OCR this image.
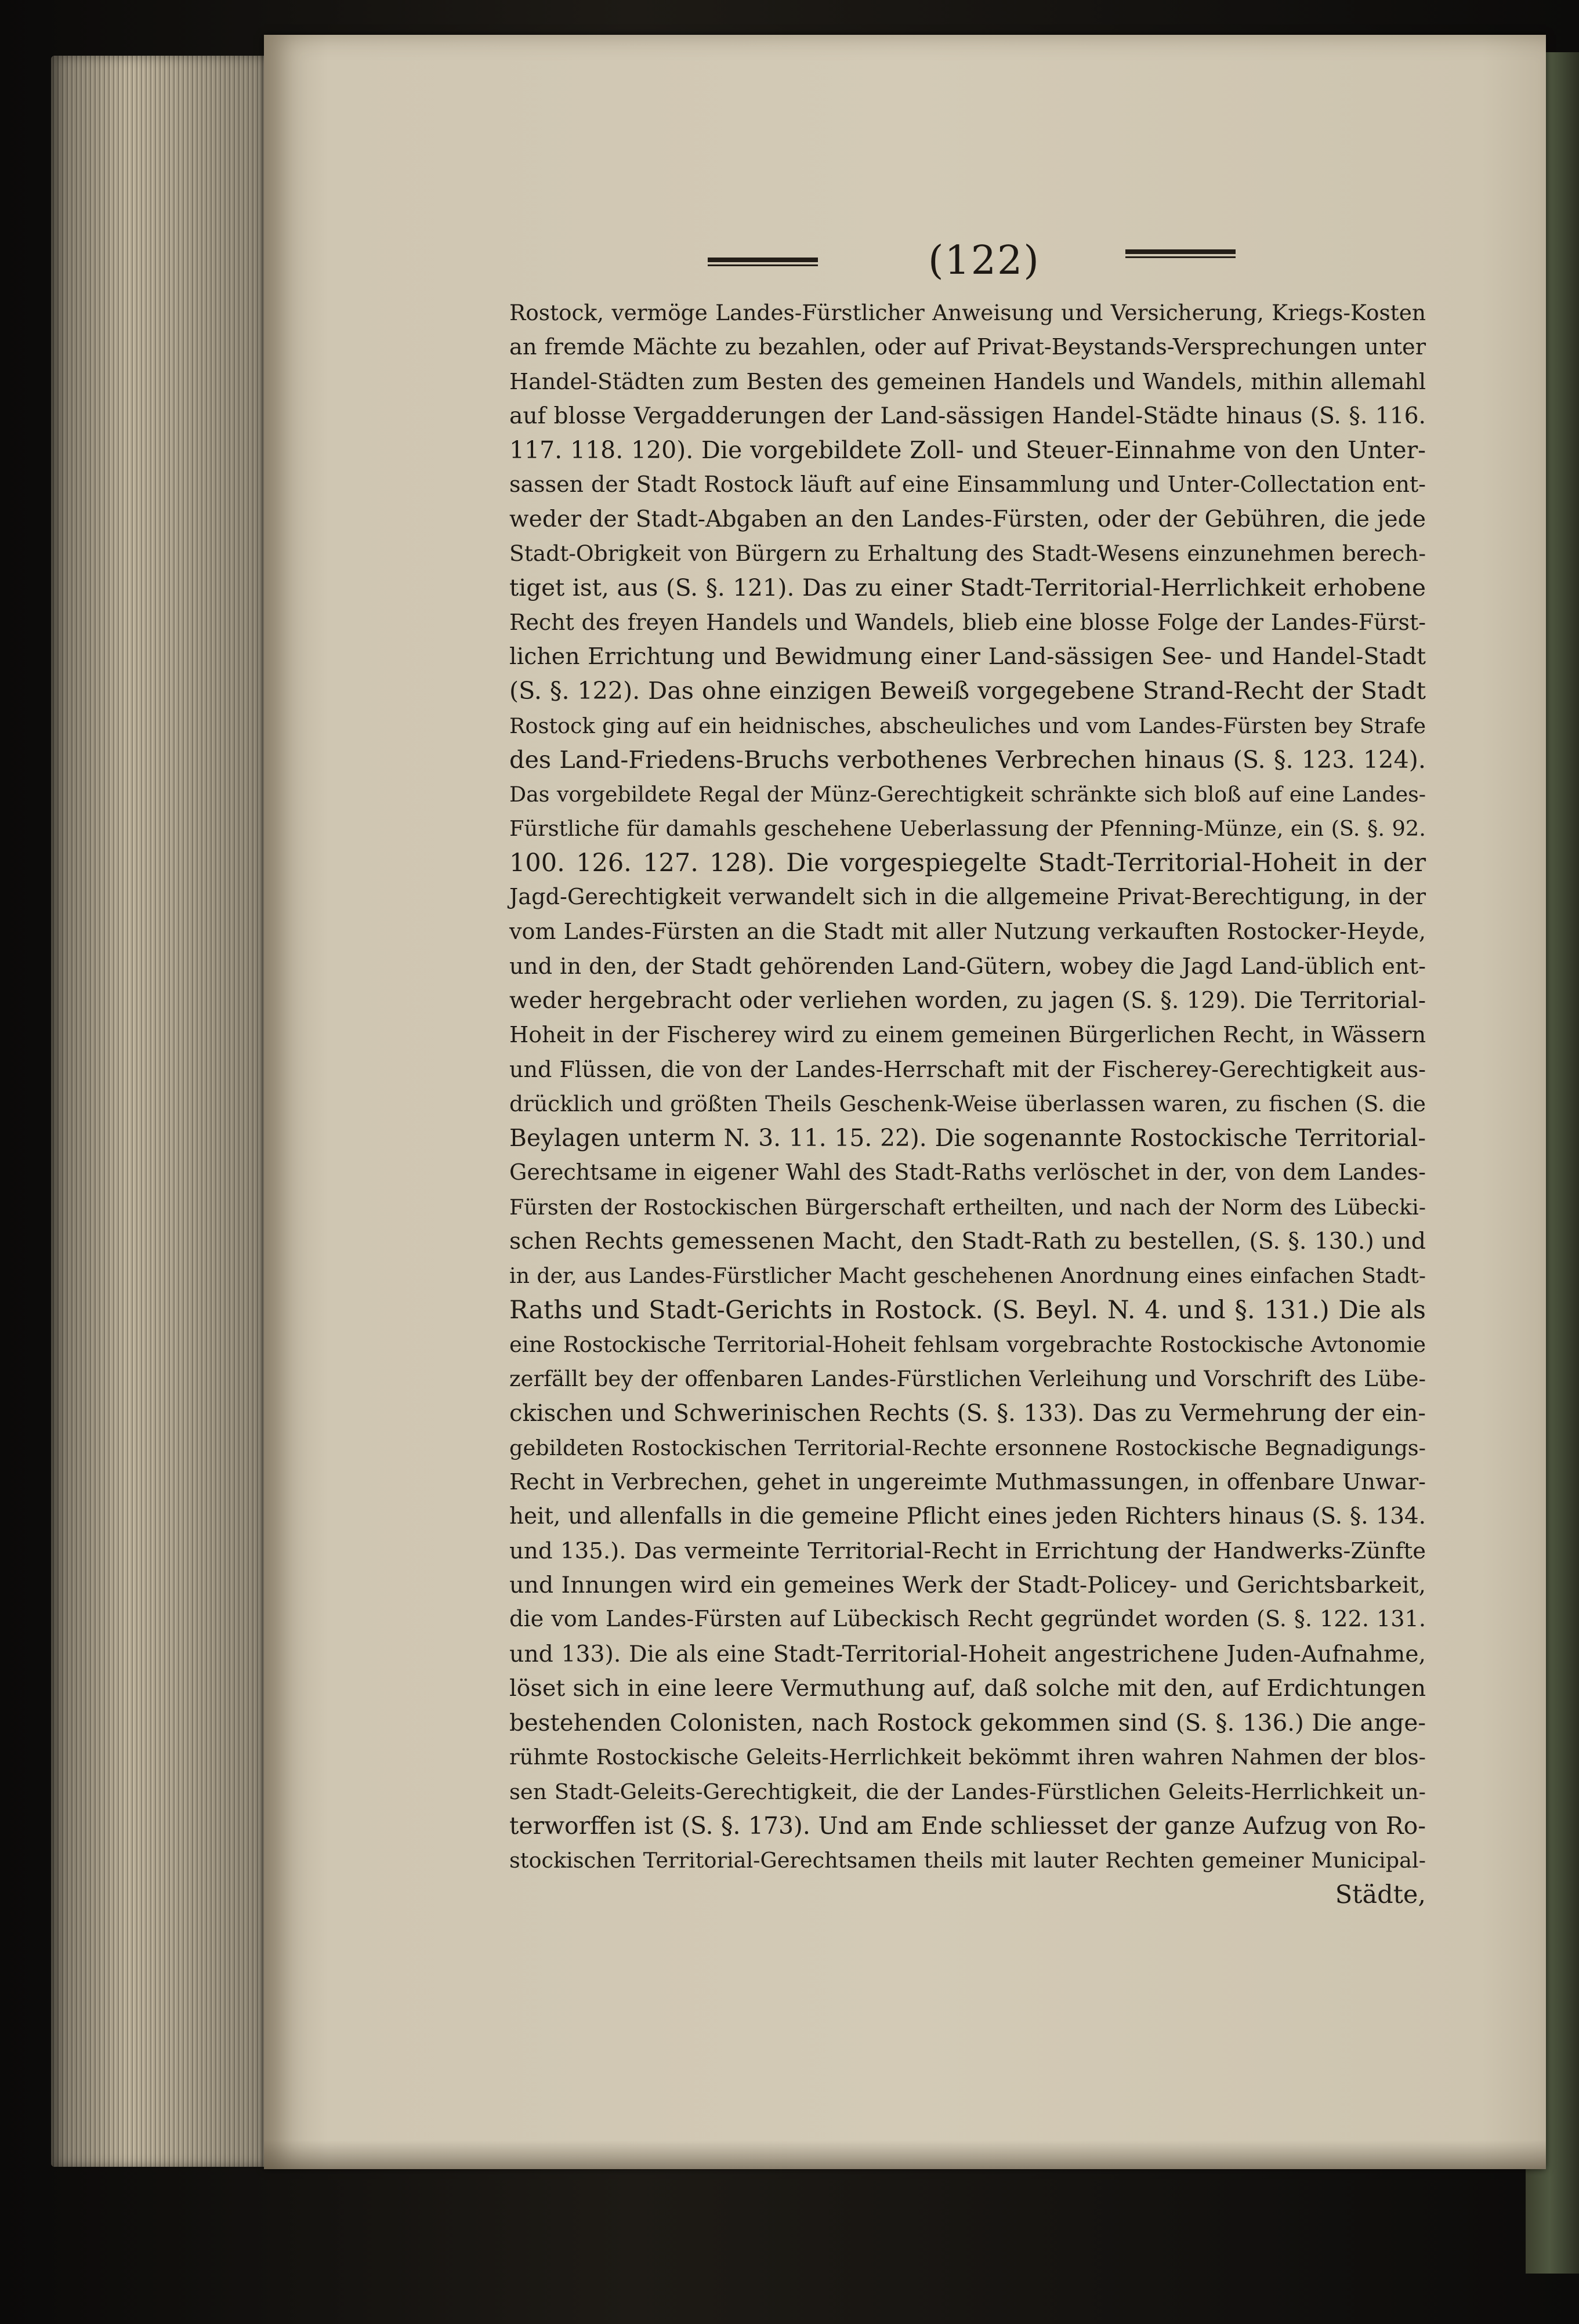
(122)
Rostock, vermöge Landes-Fürstlicher Anweisung und Versicherung, Kriegs-Kosten
an fremde Mächte zu bezahlen, oder auf Privat-Beystands-Versprechungen unter
Handel-Städten zum Besten des gemeinen Handels und Wandels, mithin allemahl
auf blosse Vergadderungen der Land-sässigen Handel-Städte hinaus (S. §. 116.
117. 118. 120). Die vorgebildete Zoll- und Steuer-Einnahme von den Unter-
sassen der Stadt Rostock läuft auf eine Einsammlung und Unter-Collectation ent-
weder der Stadt-Abgaben an den Landes-Fürsten, oder der Gebühren, die jede
Stadt-Obrigkeit von Bürgern zu Erhaltung des Stadt-Wesens einzunehmen berech-
tiget ist, aus (S. §. 121). Das zu einer Stadt-Territorial-Herrlichkeit erhobene
Recht des freyen Handels und Wandels, blieb eine blosse Folge der Landes-Fürst-
lichen Errichtung und Bewidmung einer Land-sässigen See- und Handel-Stadt
(S. §. 122). Das ohne einzigen Beweiß vorgegebene Strand-Recht der Stadt
Rostock ging auf ein heidnisches, abscheuliches und vom Landes-Fürsten bey Strafe
des Land-Friedens-Bruchs verbothenes Verbrechen hinaus (S. §. 123. 124).
Das vorgebildete Regal der Münz-Gerechtigkeit schränkte sich bloß auf eine Landes-
Fürstliche für damahls geschehene Ueberlassung der Pfenning-Münze, ein (S. §. 92.
100. 126. 127. 128). Die vorgespiegelte Stadt-Territorial-Hoheit in der
Jagd-Gerechtigkeit verwandelt sich in die allgemeine Privat-Berechtigung, in der
vom Landes-Fürsten an die Stadt mit aller Nutzung verkauften Rostocker-Heyde,
und in den, der Stadt gehörenden Land-Gütern, wobey die Jagd Land-üblich ent-
weder hergebracht oder verliehen worden, zu jagen (S. §. 129). Die Territorial-
Hoheit in der Fischerey wird zu einem gemeinen Bürgerlichen Recht, in Wässern
und Flüssen, die von der Landes-Herrschaft mit der Fischerey-Gerechtigkeit aus-
drücklich und größten Theils Geschenk-Weise überlassen waren, zu fischen (S. die
Beylagen unterm N. 3. 11. 15. 22). Die sogenannte Rostockische Territorial-
Gerechtsame in eigener Wahl des Stadt-Raths verlöschet in der, von dem Landes-
Fürsten der Rostockischen Bürgerschaft ertheilten, und nach der Norm des Lübecki-
schen Rechts gemessenen Macht, den Stadt-Rath zu bestellen, (S. §. 130.) und
in der, aus Landes-Fürstlicher Macht geschehenen Anordnung eines einfachen Stadt-
Raths und Stadt-Gerichts in Rostock. (S. Beyl. N. 4. und §. 131.) Die als
eine Rostockische Territorial-Hoheit fehlsam vorgebrachte Rostockische Avtonomie
zerfällt bey der offenbaren Landes-Fürstlichen Verleihung und Vorschrift des Lübe-
ckischen und Schwerinischen Rechts (S. §. 133). Das zu Vermehrung der ein-
gebildeten Rostockischen Territorial-Rechte ersonnene Rostockische Begnadigungs-
Recht in Verbrechen, gehet in ungereimte Muthmassungen, in offenbare Unwar-
heit, und allenfalls in die gemeine Pflicht eines jeden Richters hinaus (S. §. 134.
und 135.). Das vermeinte Territorial-Recht in Errichtung der Handwerks-Zünfte
und Innungen wird ein gemeines Werk der Stadt-Policey- und Gerichtsbarkeit,
die vom Landes-Fürsten auf Lübeckisch Recht gegründet worden (S. §. 122. 131.
und 133). Die als eine Stadt-Territorial-Hoheit angestrichene Juden-Aufnahme,
löset sich in eine leere Vermuthung auf, daß solche mit den, auf Erdichtungen
bestehenden Colonisten, nach Rostock gekommen sind (S. §. 136.) Die ange-
rühmte Rostockische Geleits-Herrlichkeit bekömmt ihren wahren Nahmen der blos-
sen Stadt-Geleits-Gerechtigkeit, die der Landes-Fürstlichen Geleits-Herrlichkeit un-
terworffen ist (S. §. 173). Und am Ende schliesset der ganze Aufzug von Ro-
stockischen Territorial-Gerechtsamen theils mit lauter Rechten gemeiner Municipal-
Städte,
